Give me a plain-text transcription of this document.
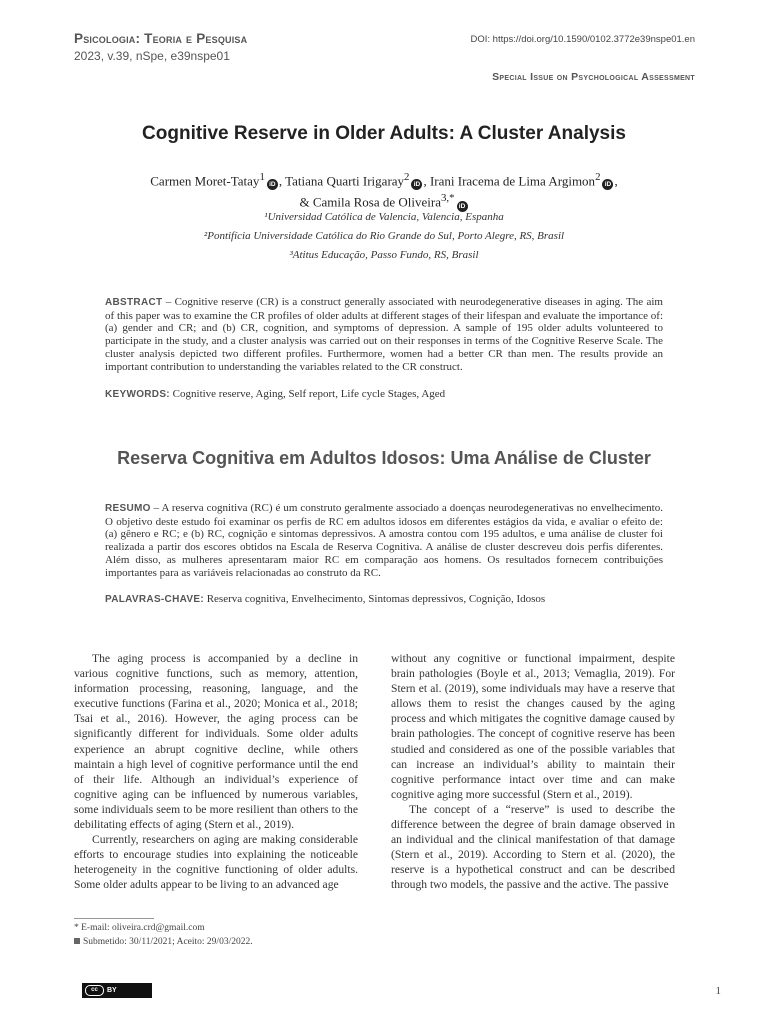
Psicologia: Teoria e Pesquisa
2023, v.39, nSpe, e39nspe01
DOI: https://doi.org/10.1590/0102.3772e39nspe01.en
Special Issue on Psychological Assessment
Cognitive Reserve in Older Adults: A Cluster Analysis
Carmen Moret-Tatay$^1$iD , Tatiana Quarti Irigaray$^2$iD , Irani Iracema de Lima Argimon$^2$iD ,
& Camila Rosa de Oliveira$^{3,*}$iD
¹Universidad Católica de Valencia, Valencia, Espanha
²Pontifícia Universidade Católica do Rio Grande do Sul, Porto Alegre, RS, Brasil
³Atitus Educação, Passo Fundo, RS, Brasil
ABSTRACT – Cognitive reserve (CR) is a construct generally associated with neurodegenerative diseases in aging. The aim of this paper was to examine the CR profiles of older adults at different stages of their lifespan and evaluate the importance of: (a) gender and CR; and (b) CR, cognition, and symptoms of depression. A sample of 195 older adults volunteered to participate in the study, and a cluster analysis was carried out on their responses in terms of the Cognitive Reserve Scale. The cluster analysis depicted two different profiles. Furthermore, women had a better CR than men. The results provide an important contribution to understanding the variables related to the CR construct.
KEYWORDS: Cognitive reserve, Aging, Self report, Life cycle Stages, Aged
Reserva Cognitiva em Adultos Idosos: Uma Análise de Cluster
RESUMO – A reserva cognitiva (RC) é um construto geralmente associado a doenças neurodegenerativas no envelhecimento. O objetivo deste estudo foi examinar os perfis de RC em adultos idosos em diferentes estágios da vida, e avaliar o efeito de: (a) gênero e RC; e (b) RC, cognição e sintomas depressivos. A amostra contou com 195 adultos, e uma análise de cluster foi realizada a partir dos escores obtidos na Escala de Reserva Cognitiva. A análise de cluster descreveu dois perfis diferentes. Além disso, as mulheres apresentaram maior RC em comparação aos homens. Os resultados fornecem contribuições importantes para as variáveis relacionadas ao construto da RC.
PALAVRAS-CHAVE: Reserva cognitiva, Envelhecimento, Sintomas depressivos, Cognição, Idosos

The aging process is accompanied by a decline in various cognitive functions, such as memory, attention, information processing, reasoning, language, and the executive functions (Farina et al., 2020; Monica et al., 2018; Tsai et al., 2016). However, the aging process can be significantly different for individuals. Some older adults experience an abrupt cognitive decline, while others maintain a high level of cognitive performance until the end of their life. Although an individual’s experience of cognitive aging can be influenced by numerous variables, some individuals seem to be more resilient than others to the debilitating effects of aging (Stern et al., 2019).

Currently, researchers on aging are making considerable efforts to encourage studies into explaining the noticeable heterogeneity in the cognitive functioning of older adults. Some older adults appear to be living to an advanced age

without any cognitive or functional impairment, despite brain pathologies (Boyle et al., 2013; Vemaglia, 2019). For Stern et al. (2019), some individuals may have a reserve that allows them to resist the changes caused by the aging process and which mitigates the cognitive damage caused by brain pathologies. The concept of cognitive reserve has been studied and considered as one of the possible variables that can increase an individual’s ability to maintain their cognitive performance intact over time and can make cognitive aging more successful (Stern et al., 2019).

The concept of a “reserve” is used to describe the difference between the degree of brain damage observed in an individual and the clinical manifestation of that damage (Stern et al., 2019). According to Stern et al. (2020), the reserve is a hypothetical construct and can be described through two models, the passive and the active. The passive

* E-mail: oliveira.crd@gmail.com
Submetido: 30/11/2021; Aceito: 29/03/2022.
cc	BY	1
